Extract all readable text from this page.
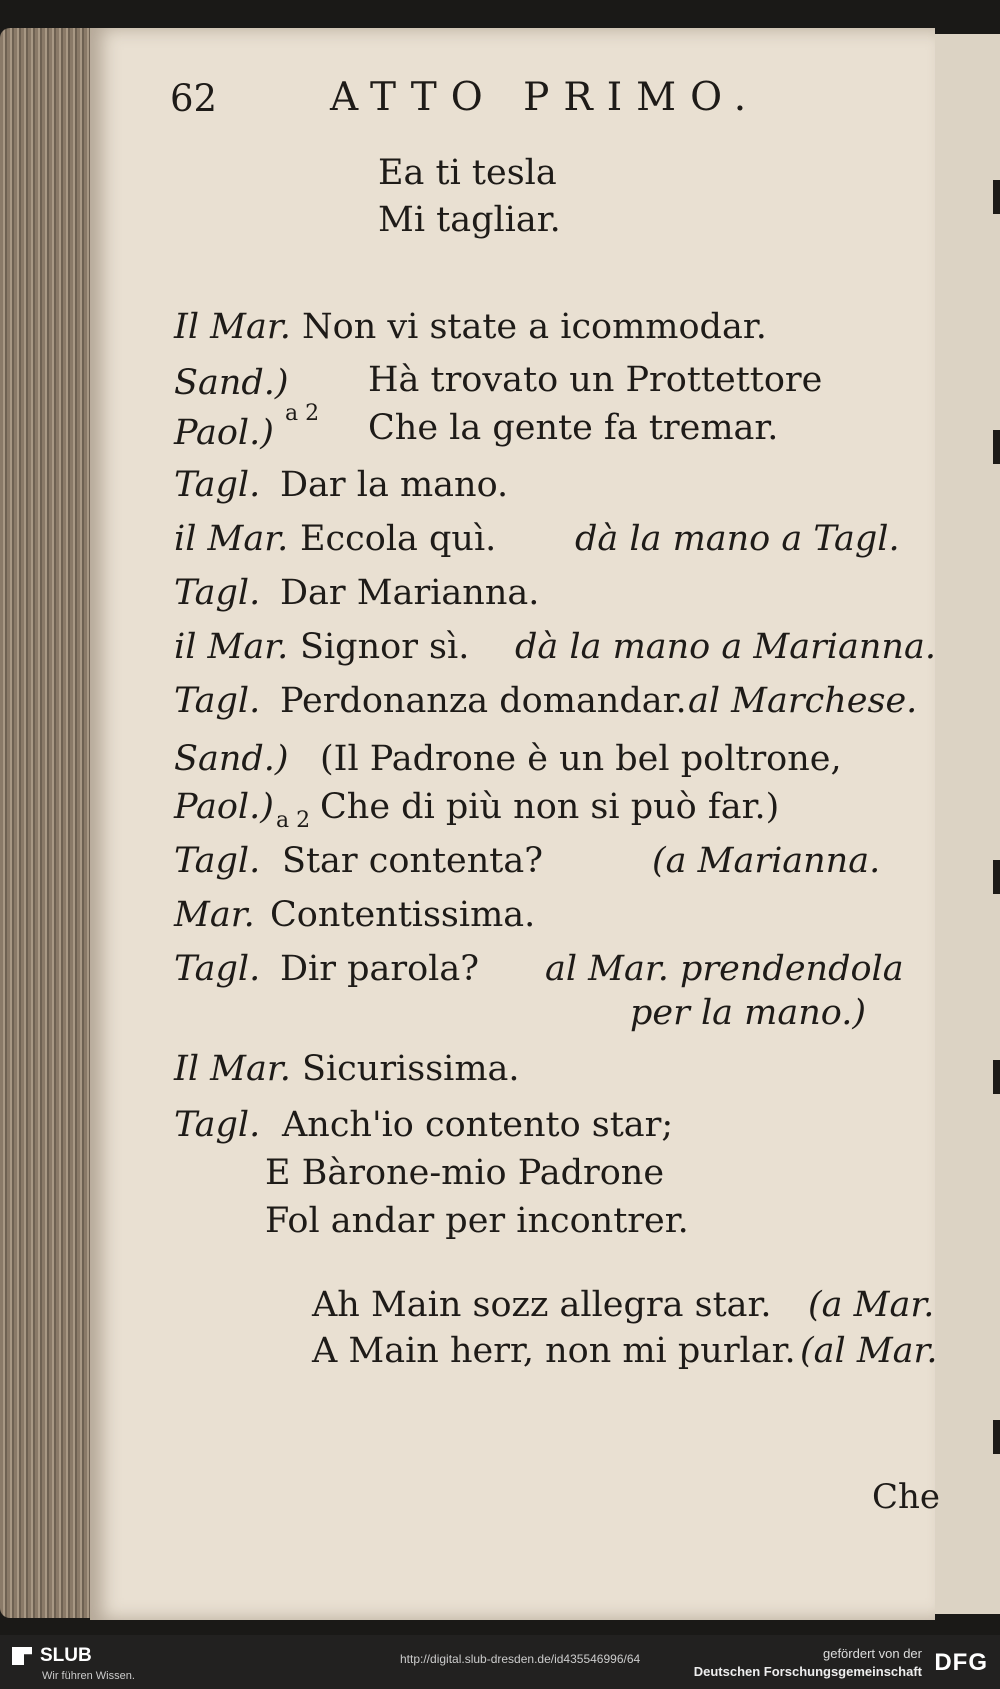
62	ATTO PRIMO.
Ea ti tesla
Mi tagliar.
Il Mar. Non vi state a icommodar.
Sand.)
a 2
Hà trovato un Prottettore
Paol.)	Che la gente fa tremar.
Tagl. Dar la mano.
il Mar. Eccola quì. dà la mano a Tagl.
Tagl. Dar Marianna.
il Mar. Signor sì. dà la mano a Marianna.
Tagl. Perdonanza domandar. al Marchese.
Sand.) (Il Padrone è un bel poltrone,
Paol.) a 2 Che di più non si può far.)
Tagl. Star contenta?	(a Marianna.
Mar. Contentissima.
Tagl. Dir parola? al Mar. prendendola
per la mano.)
Il Mar. Sicurissima.
Tagl. Anch'io contento star;
E Bàrone-mio Padrone
Fol andar per incontrer.
Ah Main sozz allegra star. (a Mar.
A Main herr, non mi purlar. (al Mar.
Che
SLUB
Wir führen Wissen.
http://digital.slub-dresden.de/id435546996/64	gefördert von der
Deutschen Forschungsgemeinschaft DFG
